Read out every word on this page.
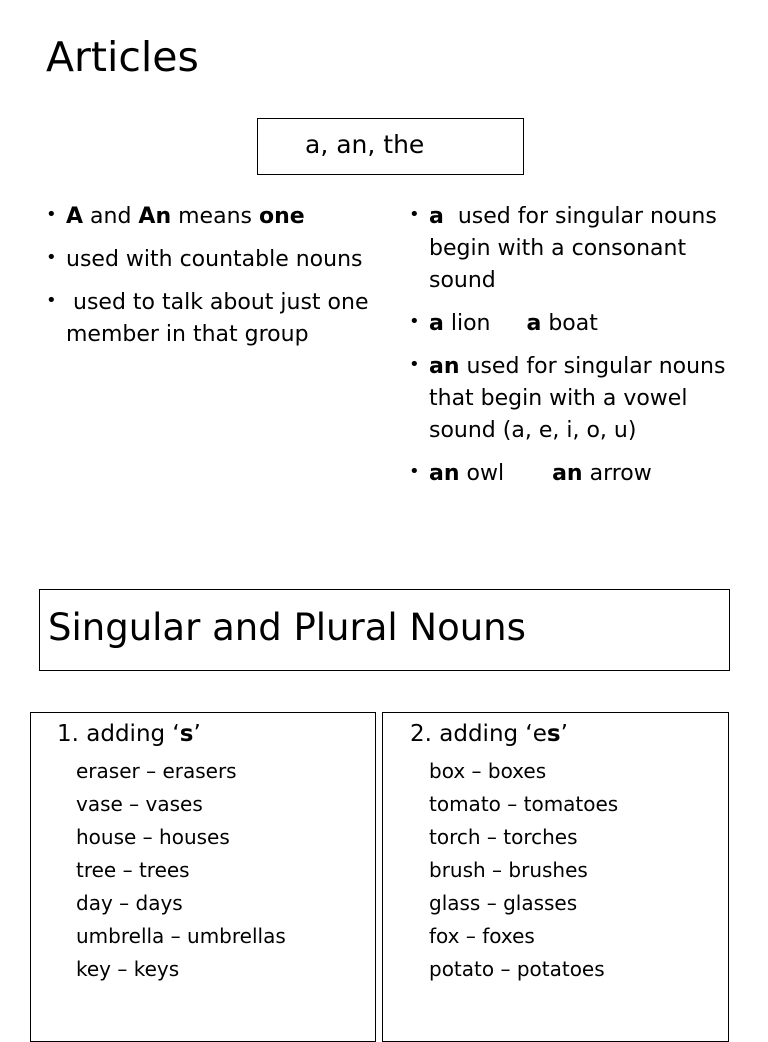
Articles
a, an, the
• A and An means one
• used with countable nouns
•  used to talk about just one member in that group
• a  used for singular nouns begin with a consonant sound
• a lion a boat
• an used for singular nouns that begin with a vowel sound (a, e, i, o, u)
• an owl an arrow
Singular and Plural Nouns
1. adding ‘s’
eraser – erasers
vase – vases
house – houses
tree – trees
day – days
umbrella – umbrellas
key – keys
2. adding ‘es’
box – boxes
tomato – tomatoes
torch – torches
brush – brushes
glass – glasses
fox – foxes
potato – potatoes
